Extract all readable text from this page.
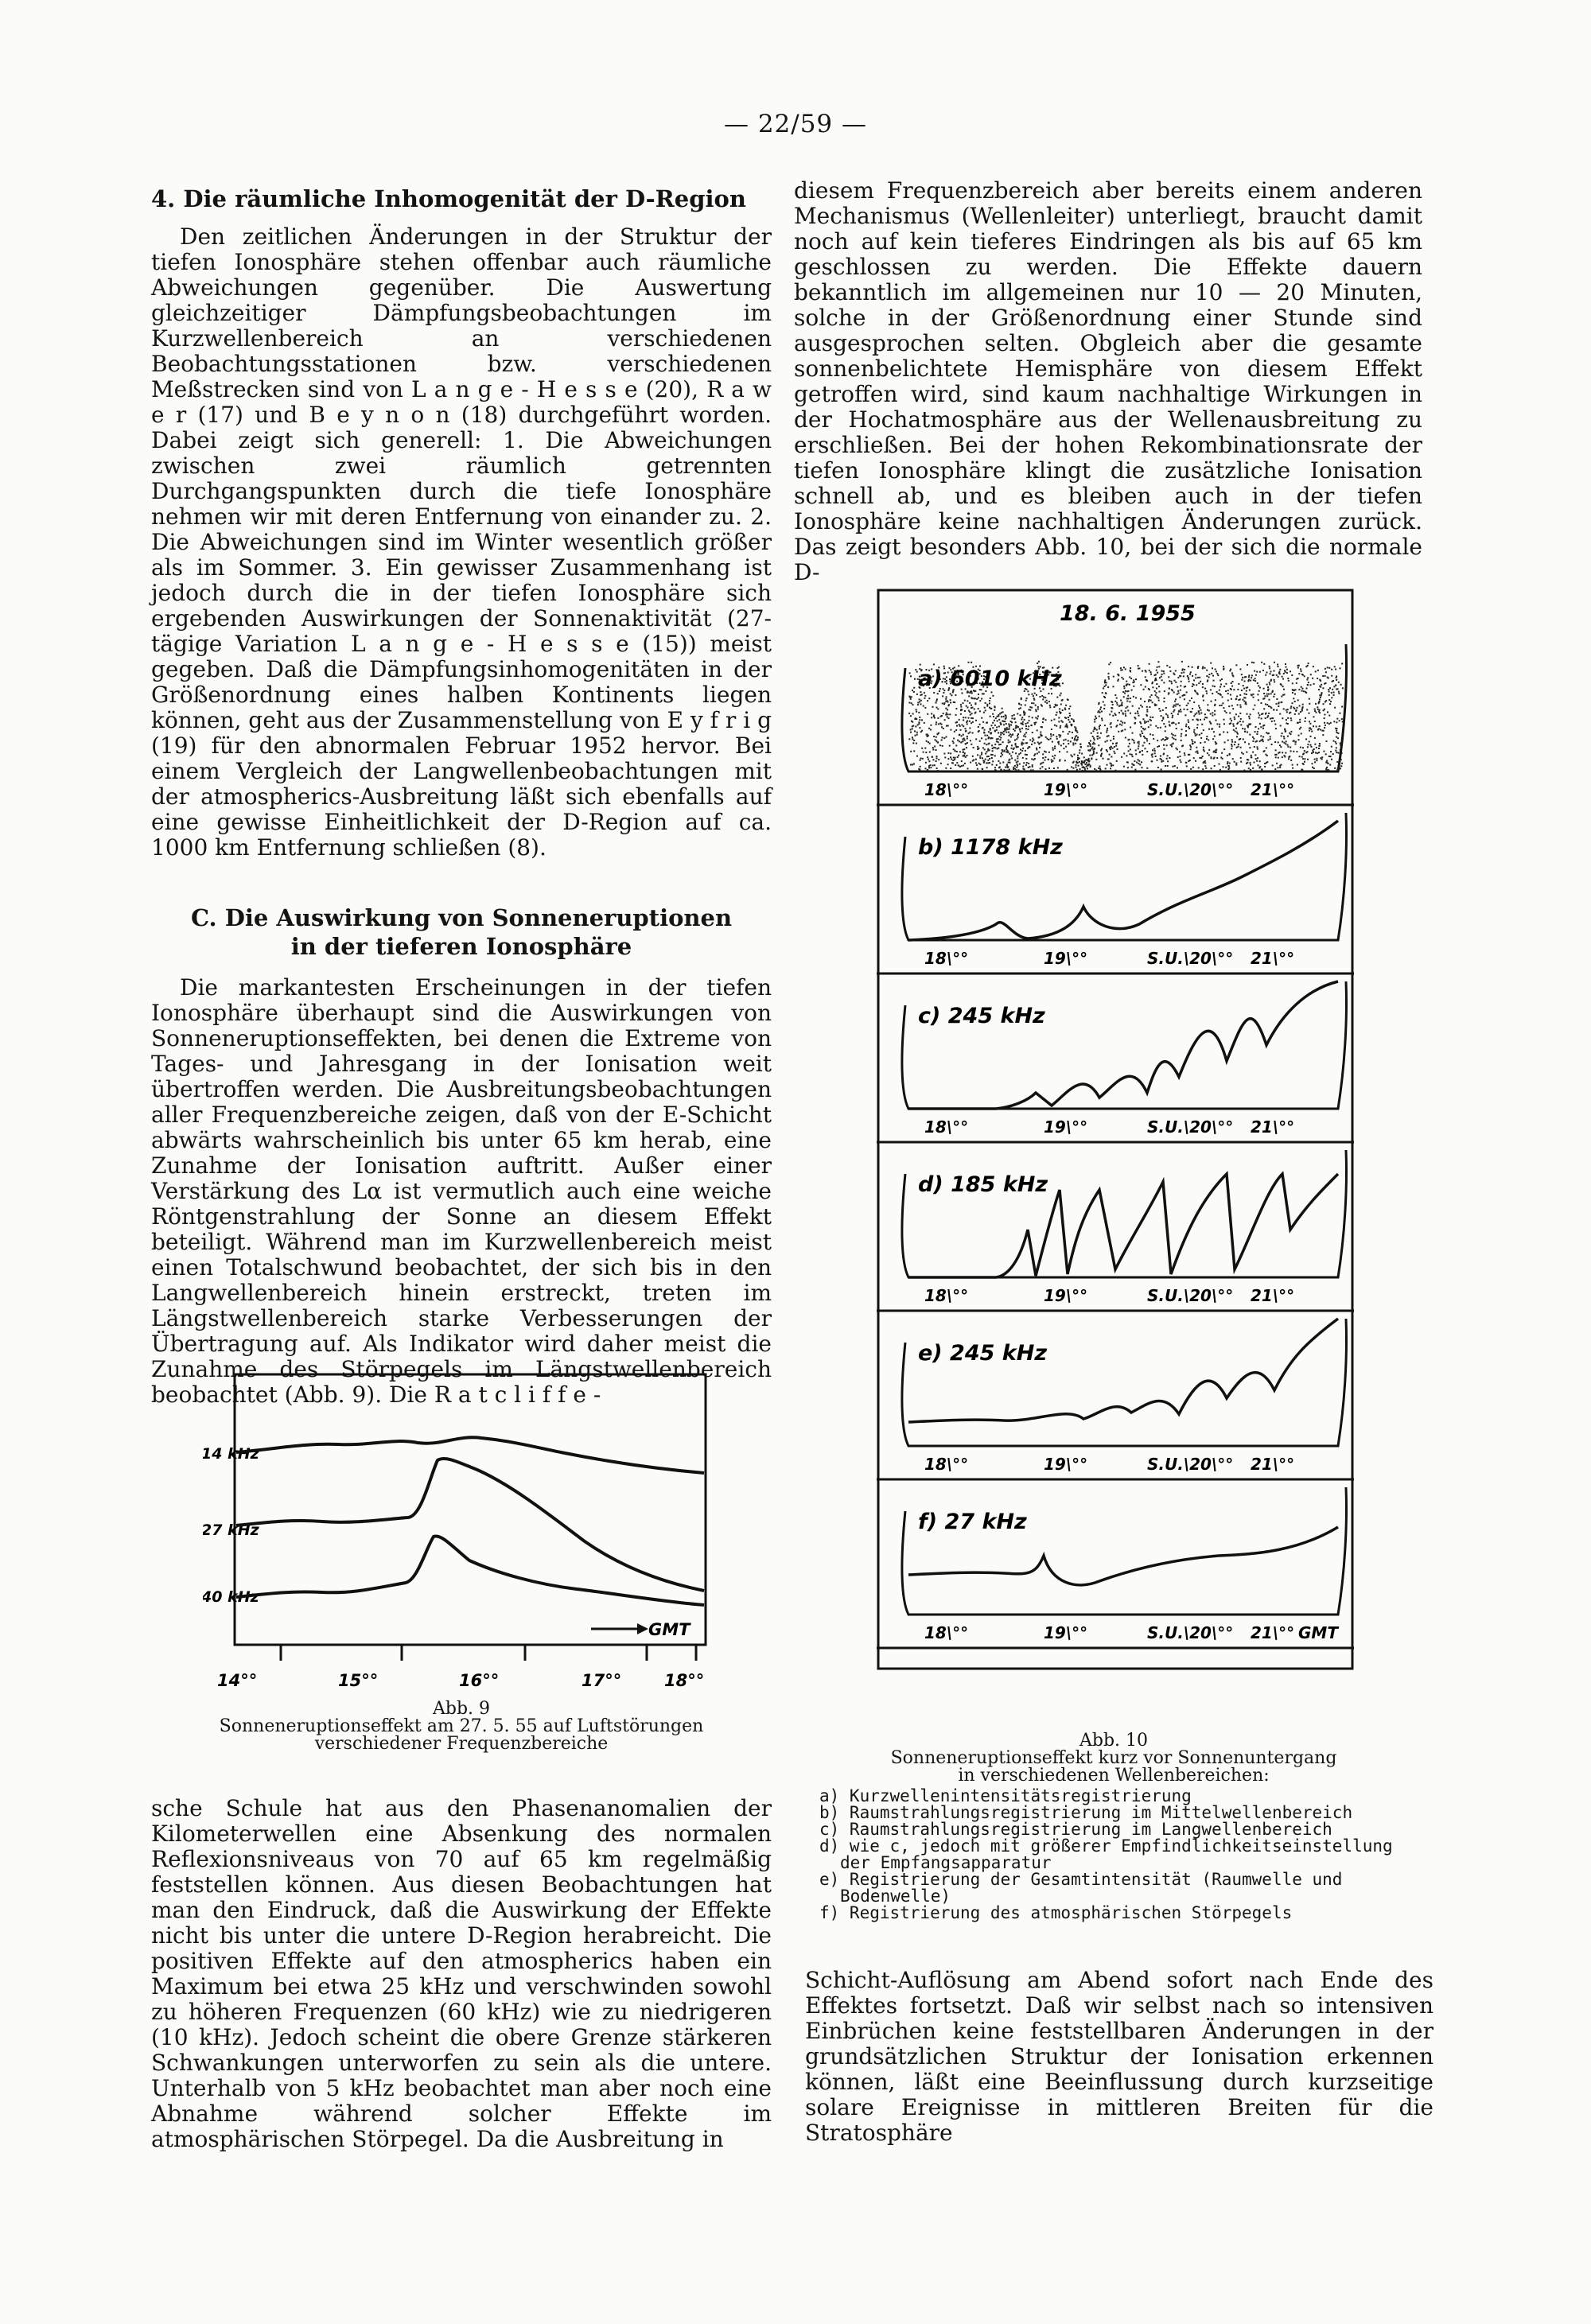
— 22/59 —
4. Die räumliche Inhomogenität der D-Region

Den zeitlichen Änderungen in der Struktur der tiefen Ionosphäre stehen offenbar auch räumliche Abweichungen gegenüber. Die Auswertung gleichzeitiger Dämpfungsbeobachtungen im Kurzwellenbereich an verschiedenen Beobachtungsstationen bzw. verschiedenen Meßstrecken sind von L a n g e - H e s s e (20), R a w e r (17) und B e y n o n (18) durchgeführt worden. Dabei zeigt sich generell: 1. Die Abweichungen zwischen zwei räumlich getrennten Durchgangspunkten durch die tiefe Ionosphäre nehmen wir mit deren Entfernung von einander zu. 2. Die Abweichungen sind im Winter wesentlich größer als im Sommer. 3. Ein gewisser Zusammenhang ist jedoch durch die in der tiefen Ionosphäre sich ergebenden Auswirkungen der Sonnenaktivität (27-tägige Variation L a n g e - H e s s e (15)) meist gegeben. Daß die Dämpfungsinhomogenitäten in der Größenordnung eines halben Kontinents liegen können, geht aus der Zusammenstellung von E y f r i g (19) für den abnormalen Februar 1952 hervor. Bei einem Vergleich der Langwellenbeobachtungen mit der atmospherics-Ausbreitung läßt sich ebenfalls auf eine gewisse Einheitlichkeit der D-Region auf ca. 1000 km Entfernung schließen (8).

C. Die Auswirkung von Sonneneruptionen
in der tieferen Ionosphäre

Die markantesten Erscheinungen in der tiefen Ionosphäre überhaupt sind die Auswirkungen von Sonneneruptionseffekten, bei denen die Extreme von Tages- und Jahresgang in der Ionisation weit übertroffen werden. Die Ausbreitungsbeobachtungen aller Frequenzbereiche zeigen, daß von der E-Schicht abwärts wahrscheinlich bis unter 65 km herab, eine Zunahme der Ionisation auftritt. Außer einer Verstärkung des Lα ist vermutlich auch eine weiche Röntgenstrahlung der Sonne an diesem Effekt beteiligt. Während man im Kurzwellenbereich meist einen Totalschwund beobachtet, der sich bis in den Langwellenbereich hinein erstreckt, treten im Längstwellenbereich starke Verbesserungen der Übertragung auf. Als Indikator wird daher meist die Zunahme des Störpegels im Längstwellenbereich beobachtet (Abb. 9). Die R a t c l i f f e -

14 kHz
27 kHz
40 kHz
14°°	15°°	16°°	17°°	18°°
GMT
Abb. 9
Sonneneruptionseffekt am 27. 5. 55 auf Luftstörungen
verschiedener Frequenzbereiche

sche Schule hat aus den Phasenanomalien der Kilometerwellen eine Absenkung des normalen Reflexionsniveaus von 70 auf 65 km regelmäßig feststellen können. Aus diesen Beobachtungen hat man den Eindruck, daß die Auswirkung der Effekte nicht bis unter die untere D-Region herabreicht. Die positiven Effekte auf den atmospherics haben ein Maximum bei etwa 25 kHz und verschwinden sowohl zu höheren Frequenzen (60 kHz) wie zu niedrigeren (10 kHz). Jedoch scheint die obere Grenze stärkeren Schwankungen unterworfen zu sein als die untere. Unterhalb von 5 kHz beobachtet man aber noch eine Abnahme während solcher Effekte im atmosphärischen Störpegel. Da die Ausbreitung in

diesem Frequenzbereich aber bereits einem anderen Mechanismus (Wellenleiter) unterliegt, braucht damit noch auf kein tieferes Eindringen als bis auf 65 km geschlossen zu werden. Die Effekte dauern bekanntlich im allgemeinen nur 10 — 20 Minuten, solche in der Größenordnung einer Stunde sind ausgesprochen selten. Obgleich aber die gesamte sonnenbelichtete Hemisphäre von diesem Effekt getroffen wird, sind kaum nachhaltige Wirkungen in der Hochatmosphäre aus der Wellenausbreitung zu erschließen. Bei der hohen Rekombinationsrate der tiefen Ionosphäre klingt die zusätzliche Ionisation schnell ab, und es bleiben auch in der tiefen Ionosphäre keine nachhaltigen Änderungen zurück. Das zeigt besonders Abb. 10, bei der sich die normale D-

18. 6. 1955
a) 6010 kHz
18\°°	19\°°	S.U.\20\°° 21\°°
b) 1178 kHz
18\°°	19\°°	S.U.\20\°° 21\°°
c) 245 kHz
18\°°	19\°°	S.U.\20\°° 21\°°
d) 185 kHz
18\°°	19\°°	S.U.\20\°° 21\°°
e) 245 kHz
18\°°	19\°°	S.U.\20\°° 21\°°
f) 27 kHz
18\°°	19\°°	S.U.\20\°° 21\°° GMT
Abb. 10
Sonneneruptionseffekt kurz vor Sonnenuntergang
in verschiedenen Wellenbereichen:
a) Kurzwellenintensitätsregistrierung
b) Raumstrahlungsregistrierung im Mittelwellenbereich
c) Raumstrahlungsregistrierung im Langwellenbereich
d) wie c, jedoch mit größerer Empfindlichkeitseinstellung
der Empfangsapparatur
e) Registrierung der Gesamtintensität (Raumwelle und
Bodenwelle)
f) Registrierung des atmosphärischen Störpegels

Schicht-Auflösung am Abend sofort nach Ende des Effektes fortsetzt. Daß wir selbst nach so intensiven Einbrüchen keine feststellbaren Änderungen in der grundsätzlichen Struktur der Ionisation erkennen können, läßt eine Beeinflussung durch kurzseitige solare Ereignisse in mittleren Breiten für die Stratosphäre
